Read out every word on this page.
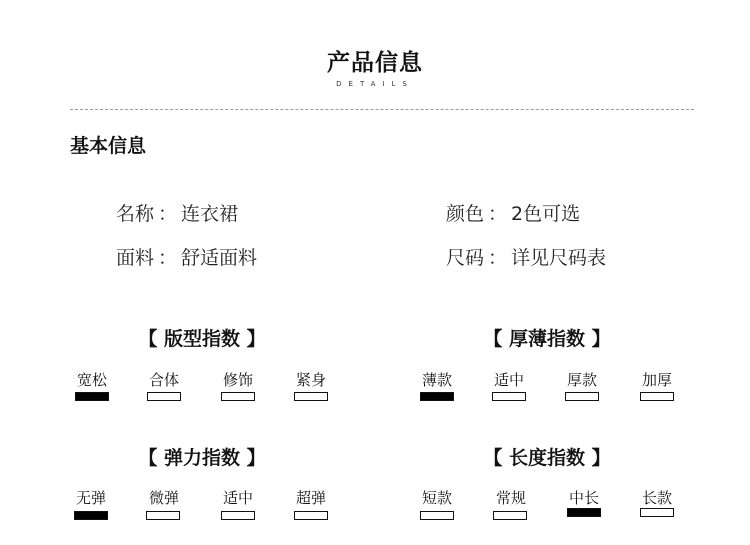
产品信息
DETAILS
基本信息
名称 ： 连衣裙	颜色 ： 2色可选
面料 ： 舒适面料	尺码 ： 详见尺码表
【 版型指数 】
宽松	合体	修饰	紧身
【 厚薄指数 】
薄款	适中	厚款	加厚
【 弹力指数 】
无弹	微弹	适中	超弹
【 长度指数 】
短款	常规	中长	长款
